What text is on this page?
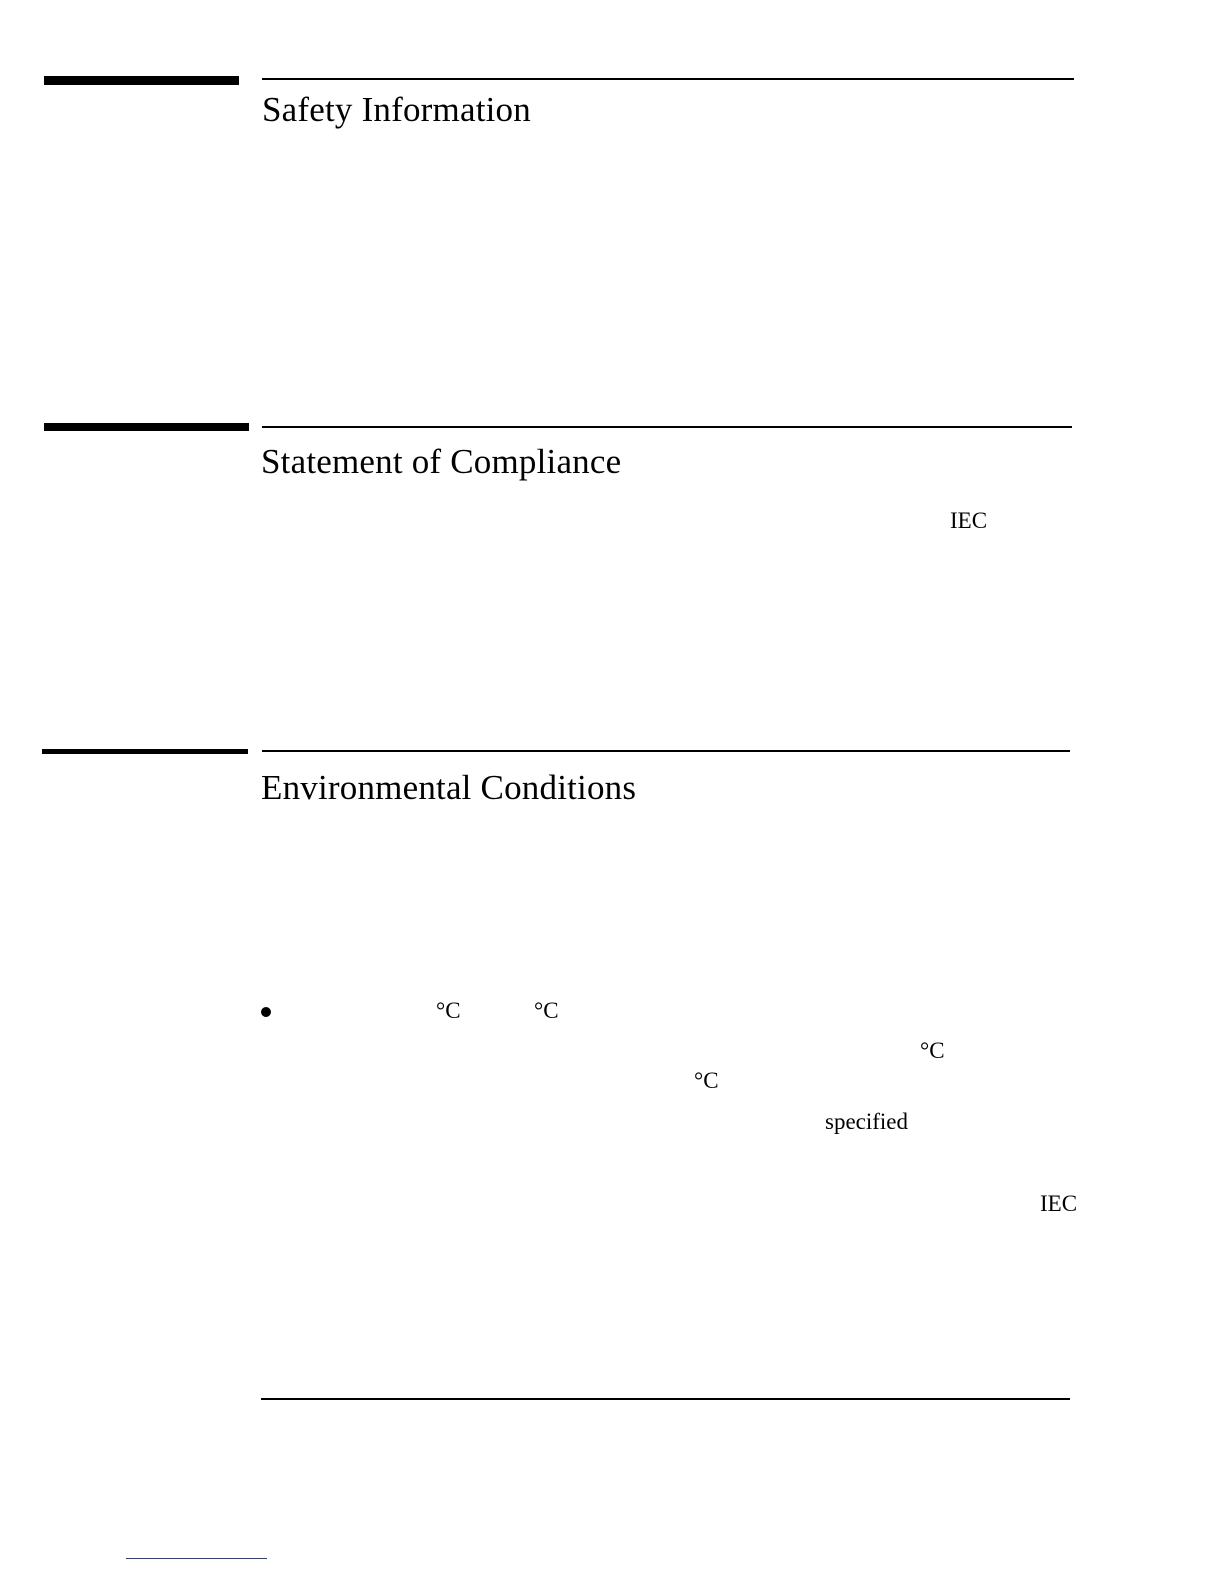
Safety Information
Statement of Compliance
IEC
Environmental Conditions
°C	°C
°C
°C
specified
IEC
